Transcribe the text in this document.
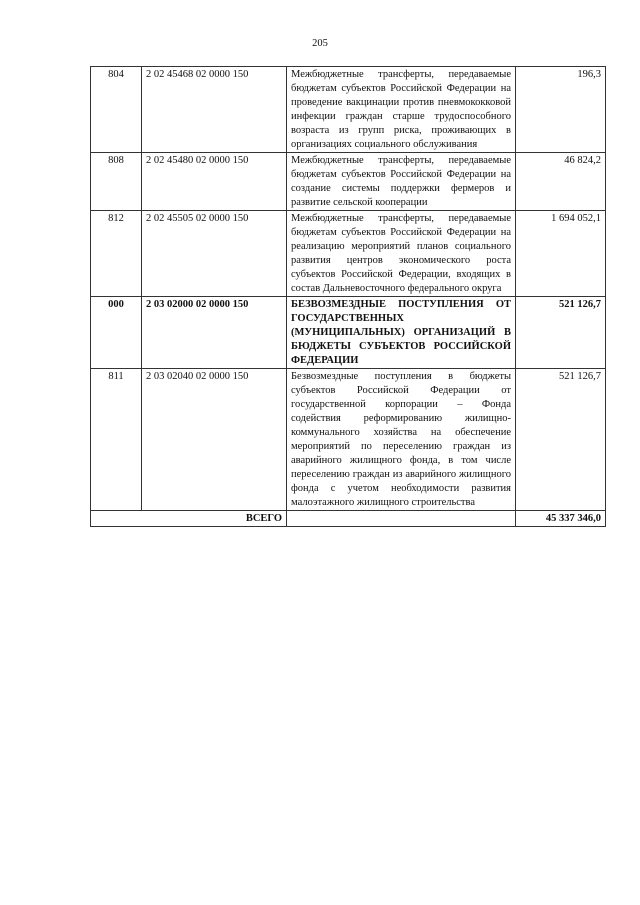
205
804	2 02 45468 02 0000 150	Межбюджетные трансферты, передаваемые бюджетам субъектов Российской Федерации на проведение вакцинации против пневмококковой инфекции граждан старше трудоспособного возраста из групп риска, проживающих в организациях социального обслуживания	196,3
808	2 02 45480 02 0000 150	Межбюджетные трансферты, передаваемые бюджетам субъектов Российской Федерации на создание системы поддержки фермеров и развитие сельской кооперации	46 824,2
812	2 02 45505 02 0000 150	Межбюджетные трансферты, передаваемые бюджетам субъектов Российской Федерации на реализацию мероприятий планов социального развития центров экономического роста субъектов Российской Федерации, входящих в состав Дальневосточного федерального округа	1 694 052,1
000	2 03 02000 02 0000 150	БЕЗВОЗМЕЗДНЫЕ ПОСТУПЛЕНИЯ ОТ ГОСУДАРСТВЕННЫХ (МУНИЦИПАЛЬНЫХ) ОРГАНИЗАЦИЙ В БЮДЖЕТЫ СУБЪЕКТОВ РОССИЙСКОЙ ФЕДЕРАЦИИ	521 126,7
811	2 03 02040 02 0000 150	Безвозмездные поступления в бюджеты субъектов Российской Федерации от государственной корпорации – Фонда содействия реформированию жилищно-коммунального хозяйства на обеспечение мероприятий по переселению граждан из аварийного жилищного фонда, в том числе переселению граждан из аварийного жилищного фонда с учетом необходимости развития малоэтажного жилищного строительства	521 126,7
ВСЕГО			45 337 346,0
